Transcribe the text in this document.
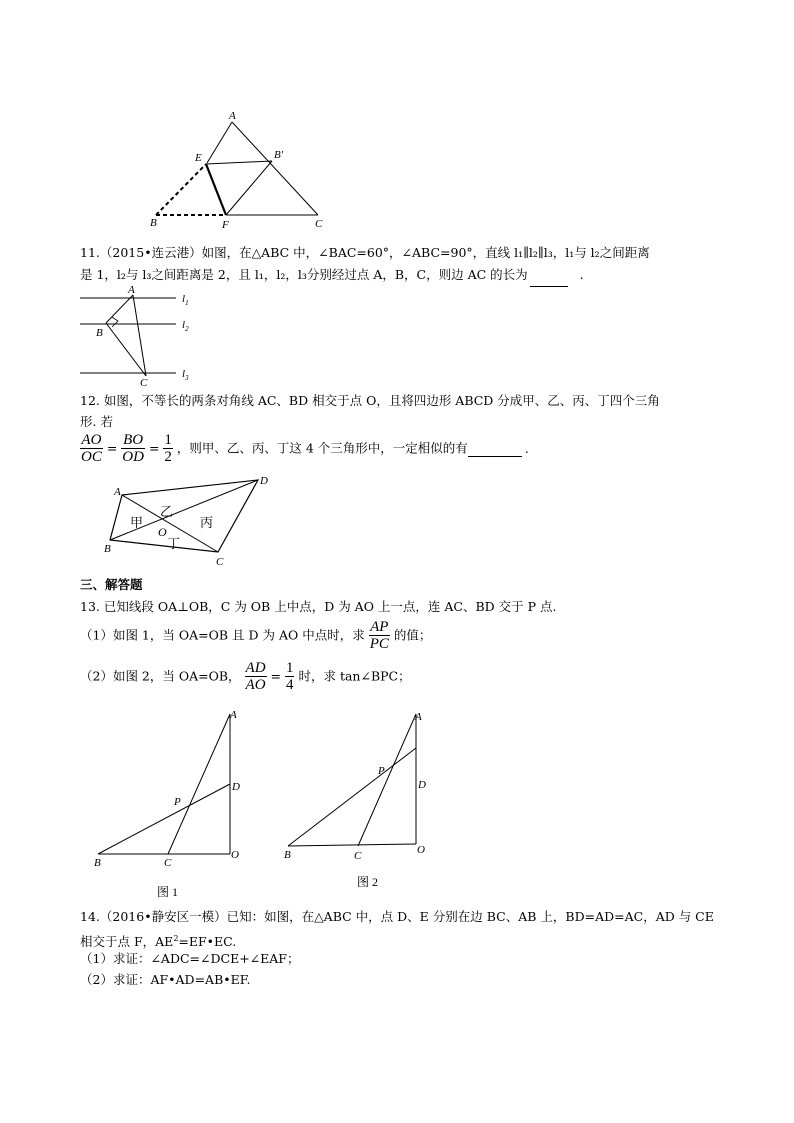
A
E	B'
B	F	C
11.（2015•连云港）如图，在△ABC 中，∠BAC=60°，∠ABC=90°，直线 l₁∥l₂∥l₃，l₁与 l₂之间距离
是 1，l₂与 l₃之间距离是 2，且 l₁，l₂，l₃分别经过点 A，B，C，则边 AC 的长为	.
A
B
C
$l_1$
$l_2$
$l_3$
12. 如图，不等长的两条对角线 AC、BD 相交于点 O，且将四边形 ABCD 分成甲、乙、丙、丁四个三角
形. 若
$\frac{AO}{OC} = \frac{BO}{OD} = \frac{1}{2}$ ，则甲、乙、丙、丁这 4 个三角形中，一定相似的有	.
A
D
C
B
O
甲
乙
丙
丁
三、解答题
13. 已知线段 OA⊥OB，C 为 OB 上中点，D 为 AO 上一点，连 AC、BD 交于 P 点.
（1）如图 1，当 OA=OB 且 D 为 AO 中点时，求 $\frac{AP}{PC}$ 的值；
（2）如图 2，当 OA=OB， $\frac{AD}{AO} = \frac{1}{4}$ 时，求 tan∠BPC；
A
D
P
B	C
O
图 1
A
P
D
B	C	O
图 2
14.（2016•静安区一模）已知：如图，在△ABC 中，点 D、E 分别在边 BC、AB 上，BD=AD=AC，AD 与 CE
相交于点 F，$AE^2=EF•EC$.
（1）求证：∠ADC=∠DCE+∠EAF；
（2）求证：AF•AD=AB•EF.
